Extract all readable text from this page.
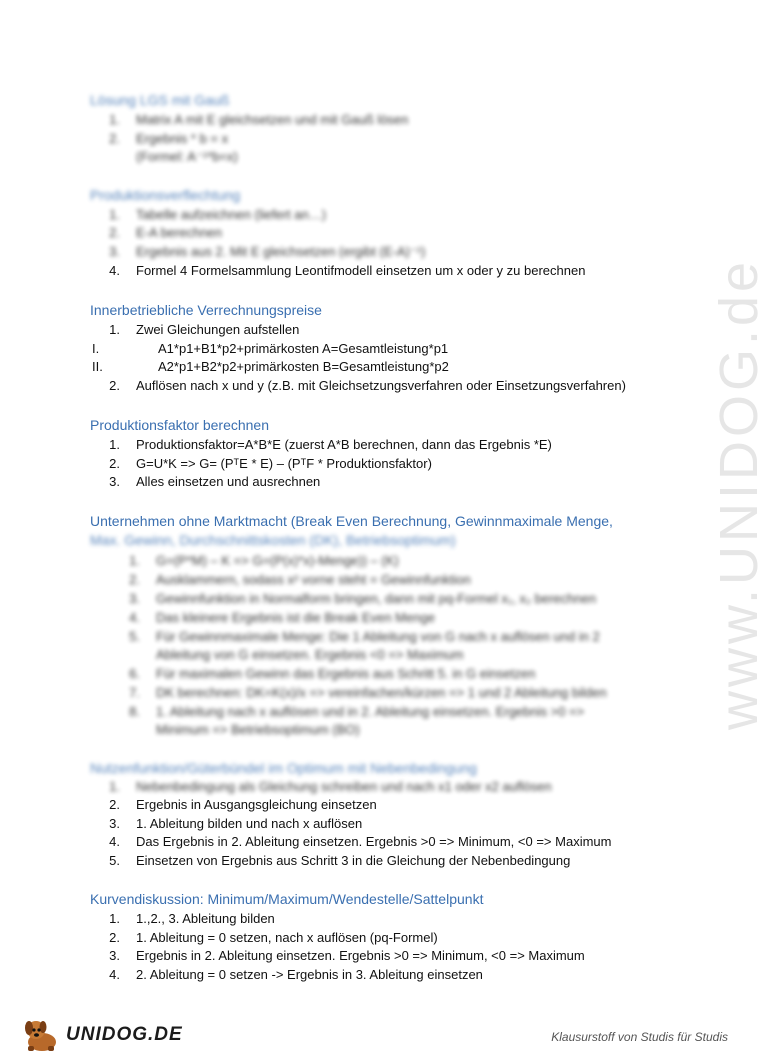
www.UNIDOG.de
Lösung LGS mit Gauß
1. Matrix A mit E gleichsetzen und mit Gauß lösen
2. Ergebnis * b = x
(Formel: A⁻¹*b=x)
Produktionsverflechtung
1. Tabelle aufzeichnen (liefert an…)
2. E-A berechnen
3. Ergebnis aus 2. Mit E gleichsetzen (ergibt (E-A)⁻¹)
4. Formel 4 Formelsammlung Leontifmodell einsetzen um x oder y zu berechnen
Innerbetriebliche Verrechnungspreise
1. Zwei Gleichungen aufstellen
I.	A1*p1+B1*p2+primärkosten A=Gesamtleistung*p1
II.	A2*p1+B2*p2+primärkosten B=Gesamtleistung*p2
2. Auflösen nach x und y (z.B. mit Gleichsetzungsverfahren oder Einsetzungsverfahren)
Produktionsfaktor berechnen
1. Produktionsfaktor=A*B*E (zuerst A*B berechnen, dann das Ergebnis *E)
2. G=U*K => G= (PᵀE * E) – (PᵀF * Produktionsfaktor)
3. Alles einsetzen und ausrechnen
Unternehmen ohne Marktmacht (Break Even Berechnung, Gewinnmaximale Menge,
Max. Gewinn, Durchschnittskosten (DK), Betriebsoptimum)
1. G=(P*M) – K => G=(P(x)*x)-Menge)) – (K)
2. Ausklammern, sodass x² vorne steht = Gewinnfunktion
3. Gewinnfunktion in Normalform bringen, dann mit pq-Formel x₁, x₂ berechnen
4. Das kleinere Ergebnis ist die Break Even Menge
5. Für Gewinnmaximale Menge: Die 1 Ableitung von G nach x auflösen und in 2
Ableitung von G einsetzen. Ergebnis <0 => Maximum
6. Für maximalen Gewinn das Ergebnis aus Schritt 5. in G einsetzen
7. DK berechnen: DK=K(x)/x => vereinfachen/kürzen => 1 und 2 Ableitung bilden
8. 1. Ableitung nach x auflösen und in 2. Ableitung einsetzen. Ergebnis >0 =>
Minimum => Betriebsoptimum (BO)
Nutzenfunktion/Güterbündel im Optimum mit Nebenbedingung
1. Nebenbedingung als Gleichung schreiben und nach x1 oder x2 auflösen
2. Ergebnis in Ausgangsgleichung einsetzen
3. 1. Ableitung bilden und nach x auflösen
4. Das Ergebnis in 2. Ableitung einsetzen. Ergebnis >0 => Minimum, <0 => Maximum
5. Einsetzen von Ergebnis aus Schritt 3 in die Gleichung der Nebenbedingung
Kurvendiskussion: Minimum/Maximum/Wendestelle/Sattelpunkt
1. 1.,2., 3. Ableitung bilden
2. 1. Ableitung = 0 setzen, nach x auflösen (pq-Formel)
3. Ergebnis in 2. Ableitung einsetzen. Ergebnis >0 => Minimum, <0 => Maximum
4. 2. Ableitung = 0 setzen -> Ergebnis in 3. Ableitung einsetzen
UNIDOG.DE	Klausurstoff von Studis für Studis
